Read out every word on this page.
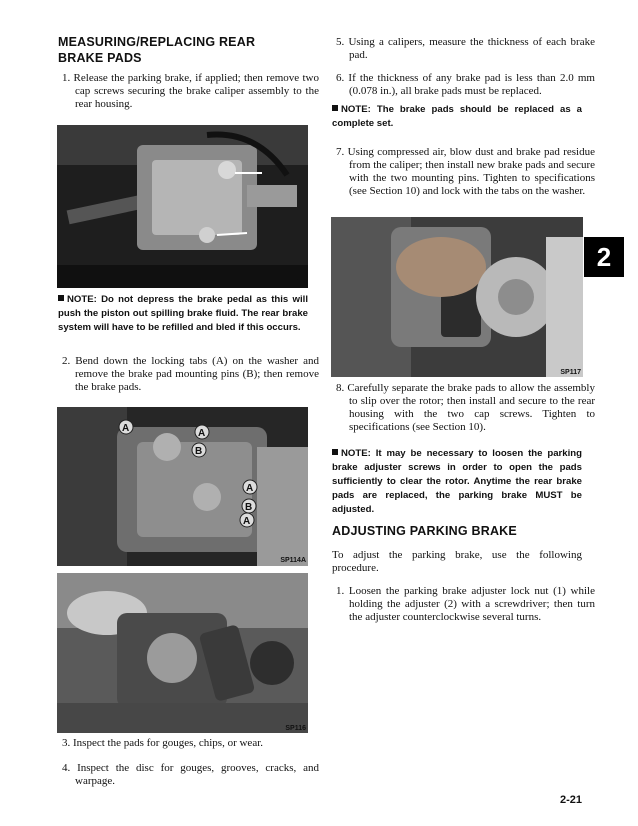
MEASURING/REPLACING REAR
BRAKE PADS
1. Release the parking brake, if applied; then remove two cap screws securing the brake caliper assembly to the rear housing.
SP061C
NOTE: Do not depress the brake pedal as this will push the piston out spilling brake fluid. The rear brake system will have to be refilled and bled if this occurs.
2. Bend down the locking tabs (A) on the washer and remove the brake pad mounting pins (B); then remove the brake pads.
A	A
B
A
B
A
SP114A
SP116
3. Inspect the pads for gouges, chips, or wear.
4. Inspect the disc for gouges, grooves, cracks, and warpage.
5. Using a calipers, measure the thickness of each brake pad.
6. If the thickness of any brake pad is less than 2.0 mm (0.078 in.), all brake pads must be replaced.
NOTE: The brake pads should be replaced as a complete set.
7. Using compressed air, blow dust and brake pad residue from the caliper; then install new brake pads and secure with the two mounting pins. Tighten to specifications (see Section 10) and lock with the tabs on the washer.
SP117
8. Carefully separate the brake pads to allow the assembly to slip over the rotor; then install and secure to the rear housing with the two cap screws. Tighten to specifications (see Section 10).
NOTE: It may be necessary to loosen the parking brake adjuster screws in order to open the pads sufficiently to clear the rotor. Anytime the rear brake pads are replaced, the parking brake MUST be adjusted.
ADJUSTING PARKING BRAKE
To adjust the parking brake, use the following procedure.
1. Loosen the parking brake adjuster lock nut (1) while holding the adjuster (2) with a screwdriver; then turn the adjuster counterclockwise several turns.
2
2-21
